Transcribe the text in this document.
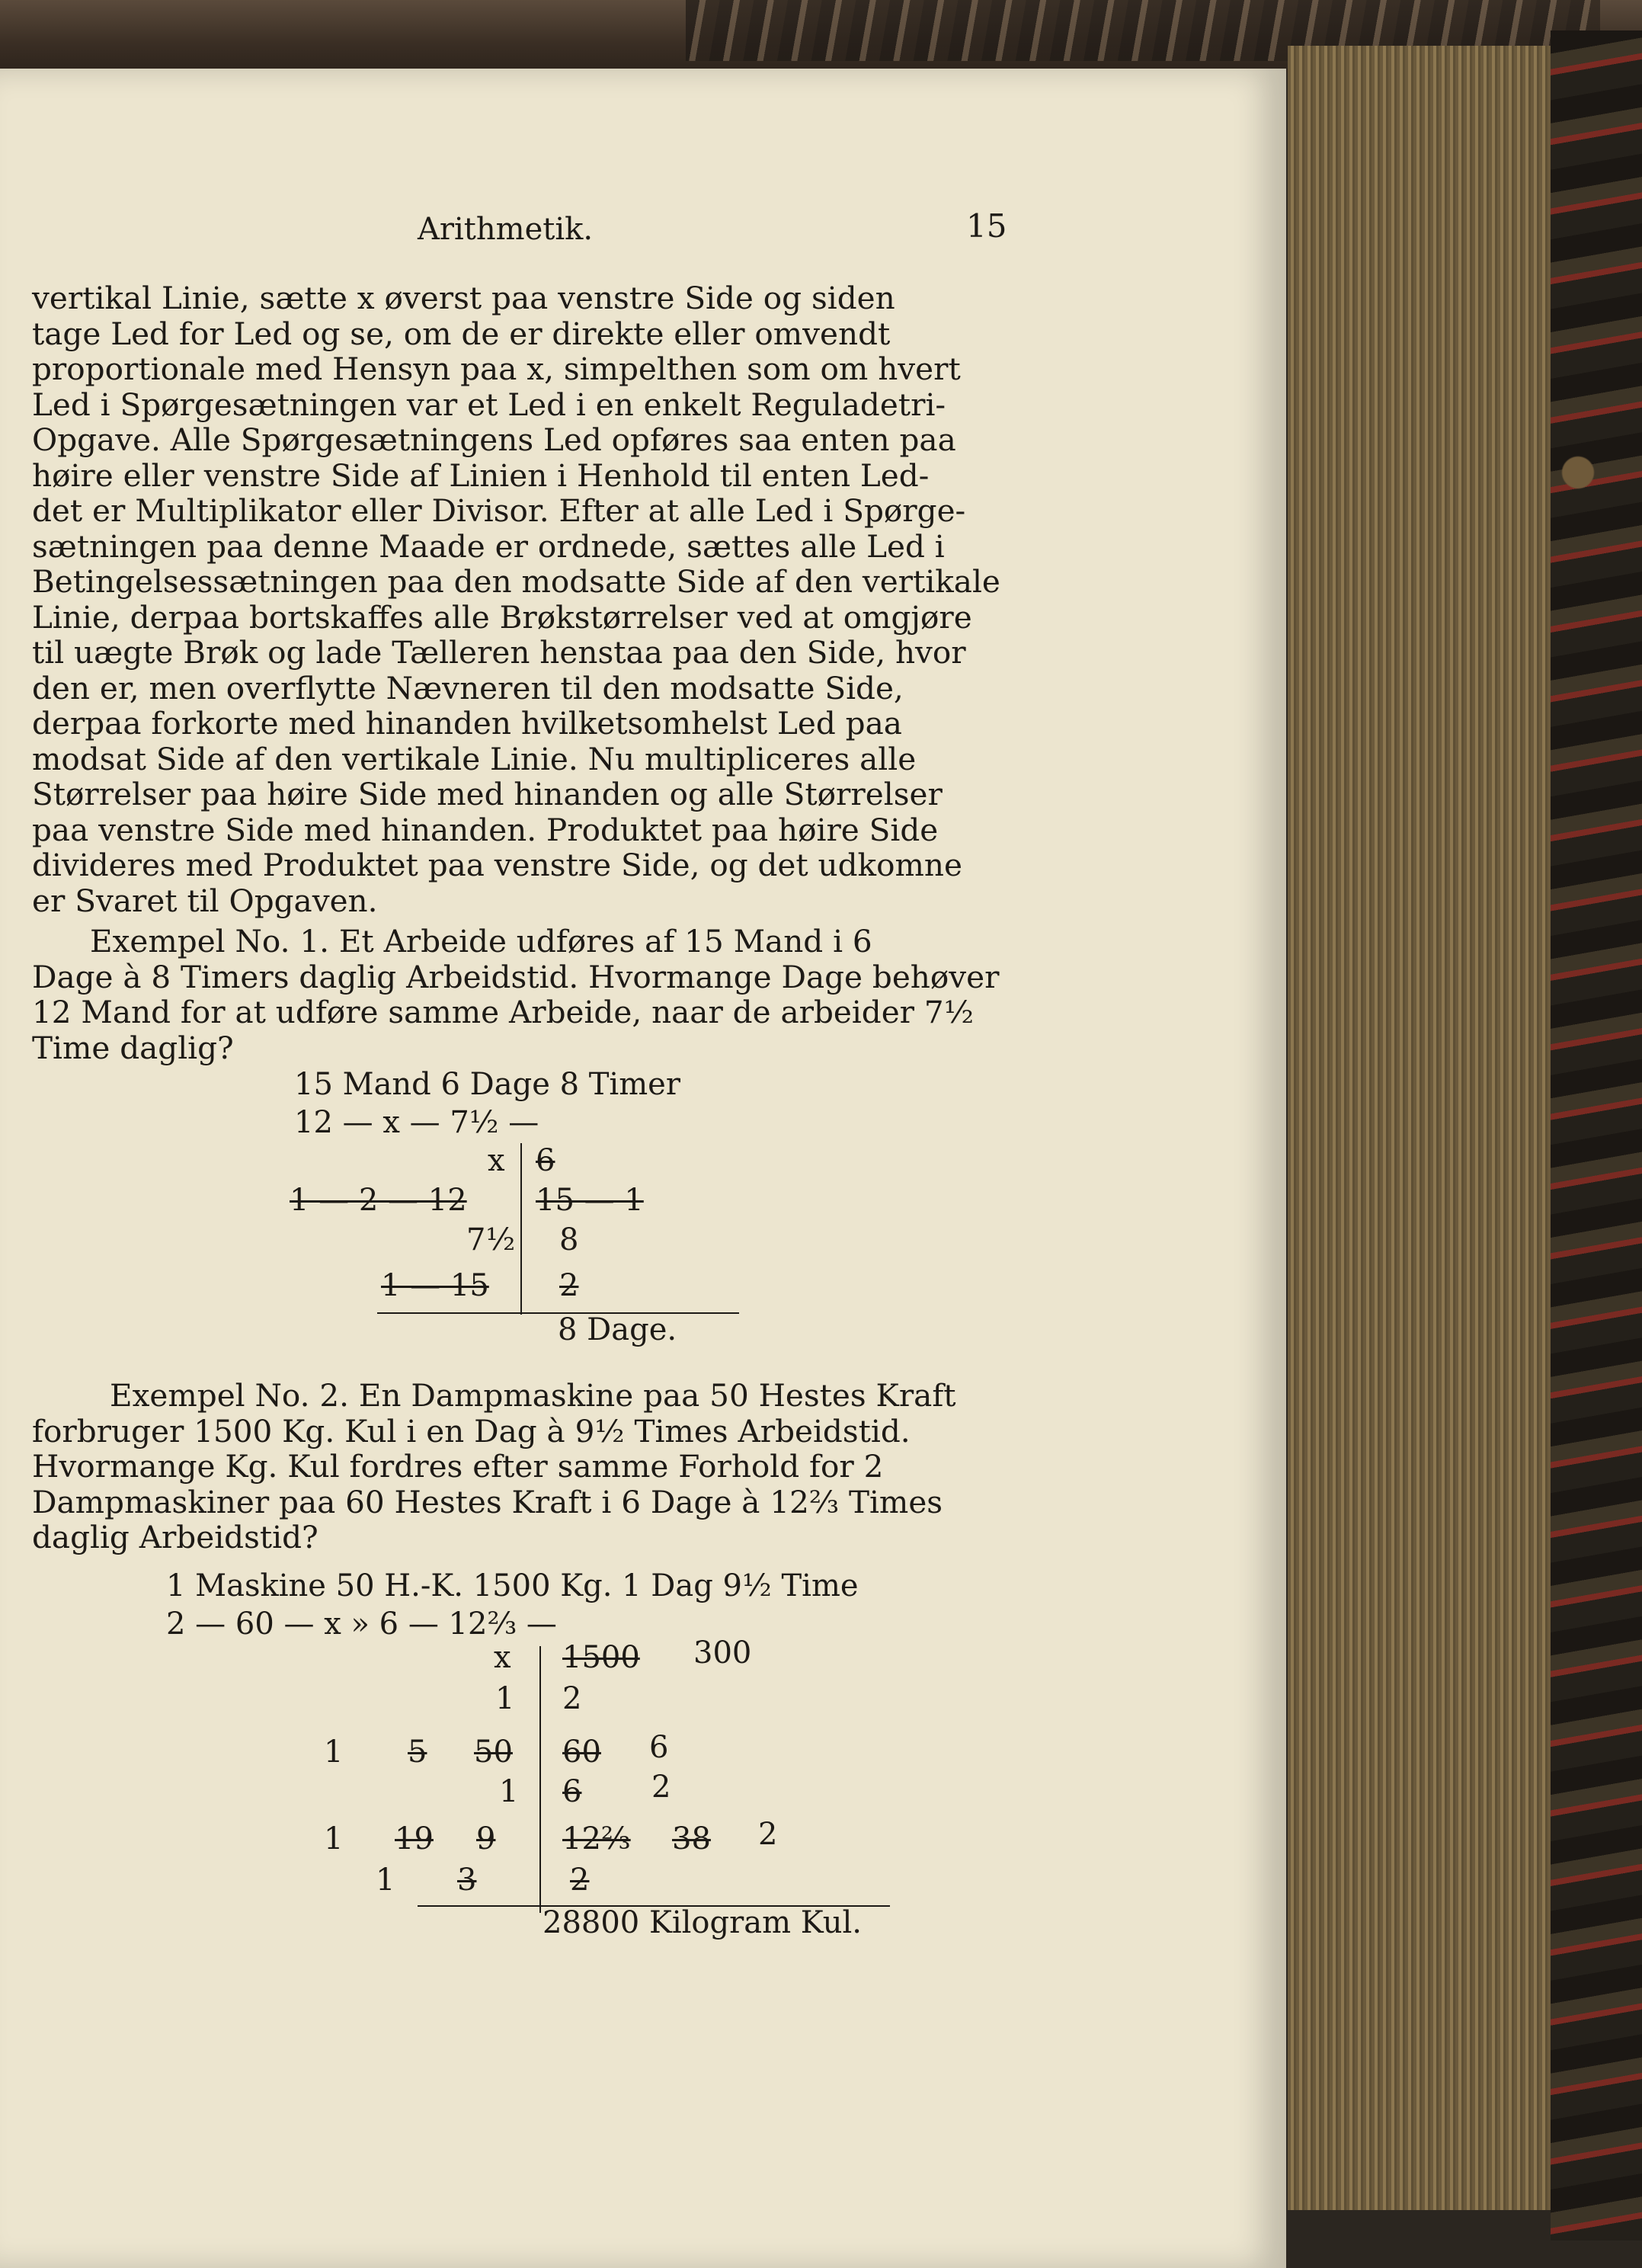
Arithmetik.	15
vertikal Linie, sætte x øverst paa venstre Side og siden
tage Led for Led og se, om de er direkte eller omvendt
proportionale med Hensyn paa x, simpelthen som om hvert
Led i Spørgesætningen var et Led i en enkelt Reguladetri-
Opgave. Alle Spørgesætningens Led opføres saa enten paa
høire eller venstre Side af Linien i Henhold til enten Led-
det er Multiplikator eller Divisor. Efter at alle Led i Spørge-
sætningen paa denne Maade er ordnede, sættes alle Led i
Betingelsessætningen paa den modsatte Side af den vertikale
Linie, derpaa bortskaffes alle Brøkstørrelser ved at omgjøre
til uægte Brøk og lade Tælleren henstaa paa den Side, hvor
den er, men overflytte Nævneren til den modsatte Side,
derpaa forkorte med hinanden hvilketsomhelst Led paa
modsat Side af den vertikale Linie. Nu multipliceres alle
Størrelser paa høire Side med hinanden og alle Størrelser
paa venstre Side med hinanden. Produktet paa høire Side
divideres med Produktet paa venstre Side, og det udkomne
er Svaret til Opgaven.
Exempel No. 1. Et Arbeide udføres af 15 Mand i 6
Dage à 8 Timers daglig Arbeidstid. Hvormange Dage behøver
12 Mand for at udføre samme Arbeide, naar de arbeider 7½
Time daglig?
15 Mand 6 Dage 8 Timer
12 — x — 7½ —
x
1 — 2 — 12
7½
1 — 15
6
15 — 1
8
2
8 Dage.
Exempel No. 2. En Dampmaskine paa 50 Hestes Kraft
forbruger 1500 Kg. Kul i en Dag à 9½ Times Arbeidstid.
Hvormange Kg. Kul fordres efter samme Forhold for 2
Dampmaskiner paa 60 Hestes Kraft i 6 Dage à 12⅔ Times
daglig Arbeidstid?
1 Maskine 50 H.-K. 1500 Kg. 1 Dag 9½ Time
2 — 60 — x » 6 — 12⅔ —
x
1
1 5 50
1
1 19 9
1 3
1500 300
2
60 6
6 2
12⅔ 38 2
2
28800 Kilogram Kul.
